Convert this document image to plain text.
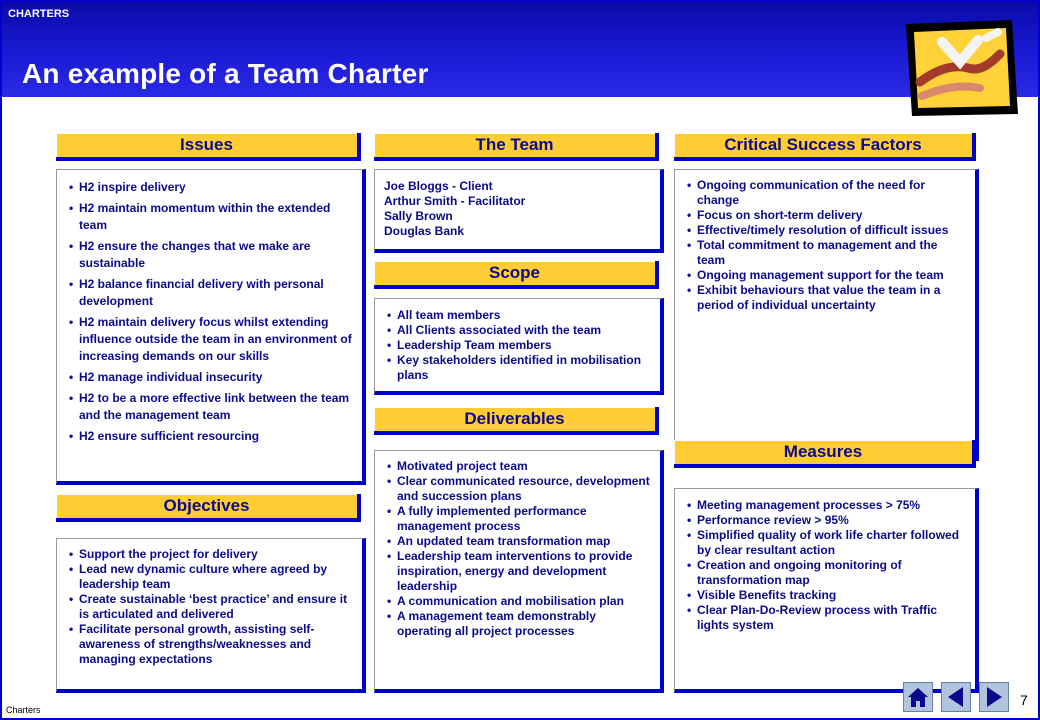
CHARTERS
An example of a Team Charter
Issues
• H2 inspire delivery
• H2 maintain momentum within the extended team
• H2 ensure the changes that we make are sustainable
• H2 balance financial delivery with personal development
• H2 maintain delivery focus whilst extending influence outside the team in an environment of increasing demands on our skills
• H2 manage individual insecurity
• H2 to be a more effective link between the team and the management team
• H2 ensure sufficient resourcing
The Team
Joe Bloggs - Client
Arthur Smith - Facilitator
Sally Brown
Douglas Bank
Scope
• All team members
• All Clients associated with the team
• Leadership Team members
• Key stakeholders identified in mobilisation plans
Deliverables
• Motivated project team
• Clear communicated resource, development and succession plans
• A fully implemented performance management process
• An updated team transformation map
• Leadership team interventions to provide inspiration, energy and development leadership
• A communication and mobilisation plan
• A management team demonstrably operating all project processes
Critical Success Factors
• Ongoing communication of the need for change
• Focus on short-term delivery
• Effective/timely resolution of difficult issues
• Total commitment to management and the team
• Ongoing management support for the team
• Exhibit behaviours that value the team in a period of individual uncertainty
Measures
• Meeting management processes > 75%
• Performance review > 95%
• Simplified quality of work life charter followed by clear resultant action
• Creation and ongoing monitoring of transformation map
• Visible Benefits tracking
• Clear Plan-Do-Review process with Traffic lights system
Objectives
• Support the project for delivery
• Lead new dynamic culture where agreed by leadership team
• Create sustainable ‘best practice’ and ensure it is articulated and delivered
• Facilitate personal growth, assisting self-awareness of strengths/weaknesses and managing expectations
Charters
7
